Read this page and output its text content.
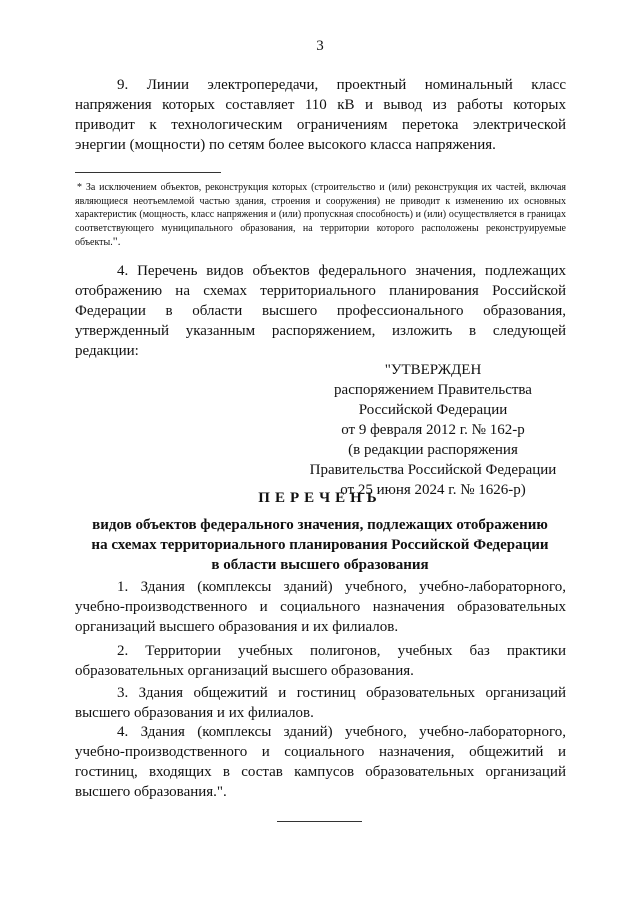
3
9. Линии электропередачи, проектный номинальный класс напряжения которых составляет 110 кВ и вывод из работы которых приводит к технологическим ограничениям перетока электрической энергии (мощности) по сетям более высокого класса напряжения.
* За исключением объектов, реконструкция которых (строительство и (или) реконструкция их частей, включая являющиеся неотъемлемой частью здания, строения и сооружения) не приводит к изменению их основных характеристик (мощность, класс напряжения и (или) пропускная способность) и (или) осуществляется в границах соответствующего муниципального образования, на территории которого расположены реконструируемые объекты.".
4. Перечень видов объектов федерального значения, подлежащих отображению на схемах территориального планирования Российской Федерации в области высшего профессионального образования, утвержденный указанным распоряжением, изложить в следующей редакции:
"УТВЕРЖДЕН
распоряжением Правительства
Российской Федерации
от 9 февраля 2012 г. № 162-р
(в редакции распоряжения
Правительства Российской Федерации
от 25 июня 2024 г. № 1626-р)
ПЕРЕЧЕНЬ
видов объектов федерального значения, подлежащих отображению
на схемах территориального планирования Российской Федерации
в области высшего образования
1. Здания (комплексы зданий) учебного, учебно-лабораторного, учебно-производственного и социального назначения образовательных организаций высшего образования и их филиалов.
2. Территории учебных полигонов, учебных баз практики образовательных организаций высшего образования.
3. Здания общежитий и гостиниц образовательных организаций высшего образования и их филиалов.
4. Здания (комплексы зданий) учебного, учебно-лабораторного, учебно-производственного и социального назначения, общежитий и гостиниц, входящих в состав кампусов образовательных организаций высшего образования.".
